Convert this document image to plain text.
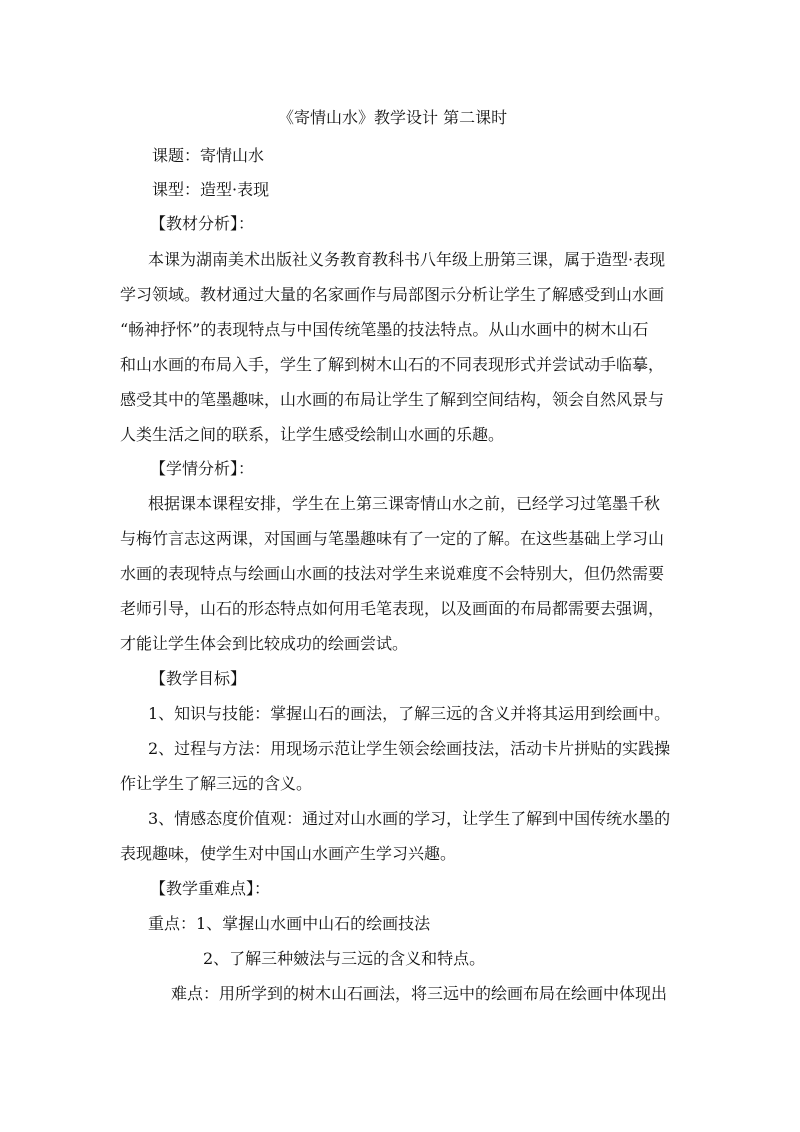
《寄情山水》教学设计 第二课时
课题：寄情山水
课型：造型·表现
【教材分析】：
本课为湖南美术出版社义务教育教科书八年级上册第三课，属于造型·表现
学习领域。教材通过大量的名家画作与局部图示分析让学生了解感受到山水画
“畅神抒怀”的表现特点与中国传统笔墨的技法特点。从山水画中的树木山石
和山水画的布局入手，学生了解到树木山石的不同表现形式并尝试动手临摹，
感受其中的笔墨趣味，山水画的布局让学生了解到空间结构，领会自然风景与
人类生活之间的联系，让学生感受绘制山水画的乐趣。
【学情分析】：
根据课本课程安排，学生在上第三课寄情山水之前，已经学习过笔墨千秋
与梅竹言志这两课，对国画与笔墨趣味有了一定的了解。在这些基础上学习山
水画的表现特点与绘画山水画的技法对学生来说难度不会特别大，但仍然需要
老师引导，山石的形态特点如何用毛笔表现，以及画面的布局都需要去强调，
才能让学生体会到比较成功的绘画尝试。
【教学目标】
1、知识与技能：掌握山石的画法，了解三远的含义并将其运用到绘画中。
2、过程与方法：用现场示范让学生领会绘画技法，活动卡片拼贴的实践操
作让学生了解三远的含义。
3、情感态度价值观：通过对山水画的学习，让学生了解到中国传统水墨的
表现趣味，使学生对中国山水画产生学习兴趣。
【教学重难点】：
重点：1、掌握山水画中山石的绘画技法
2、了解三种皴法与三远的含义和特点。
难点：用所学到的树木山石画法，将三远中的绘画布局在绘画中体现出
